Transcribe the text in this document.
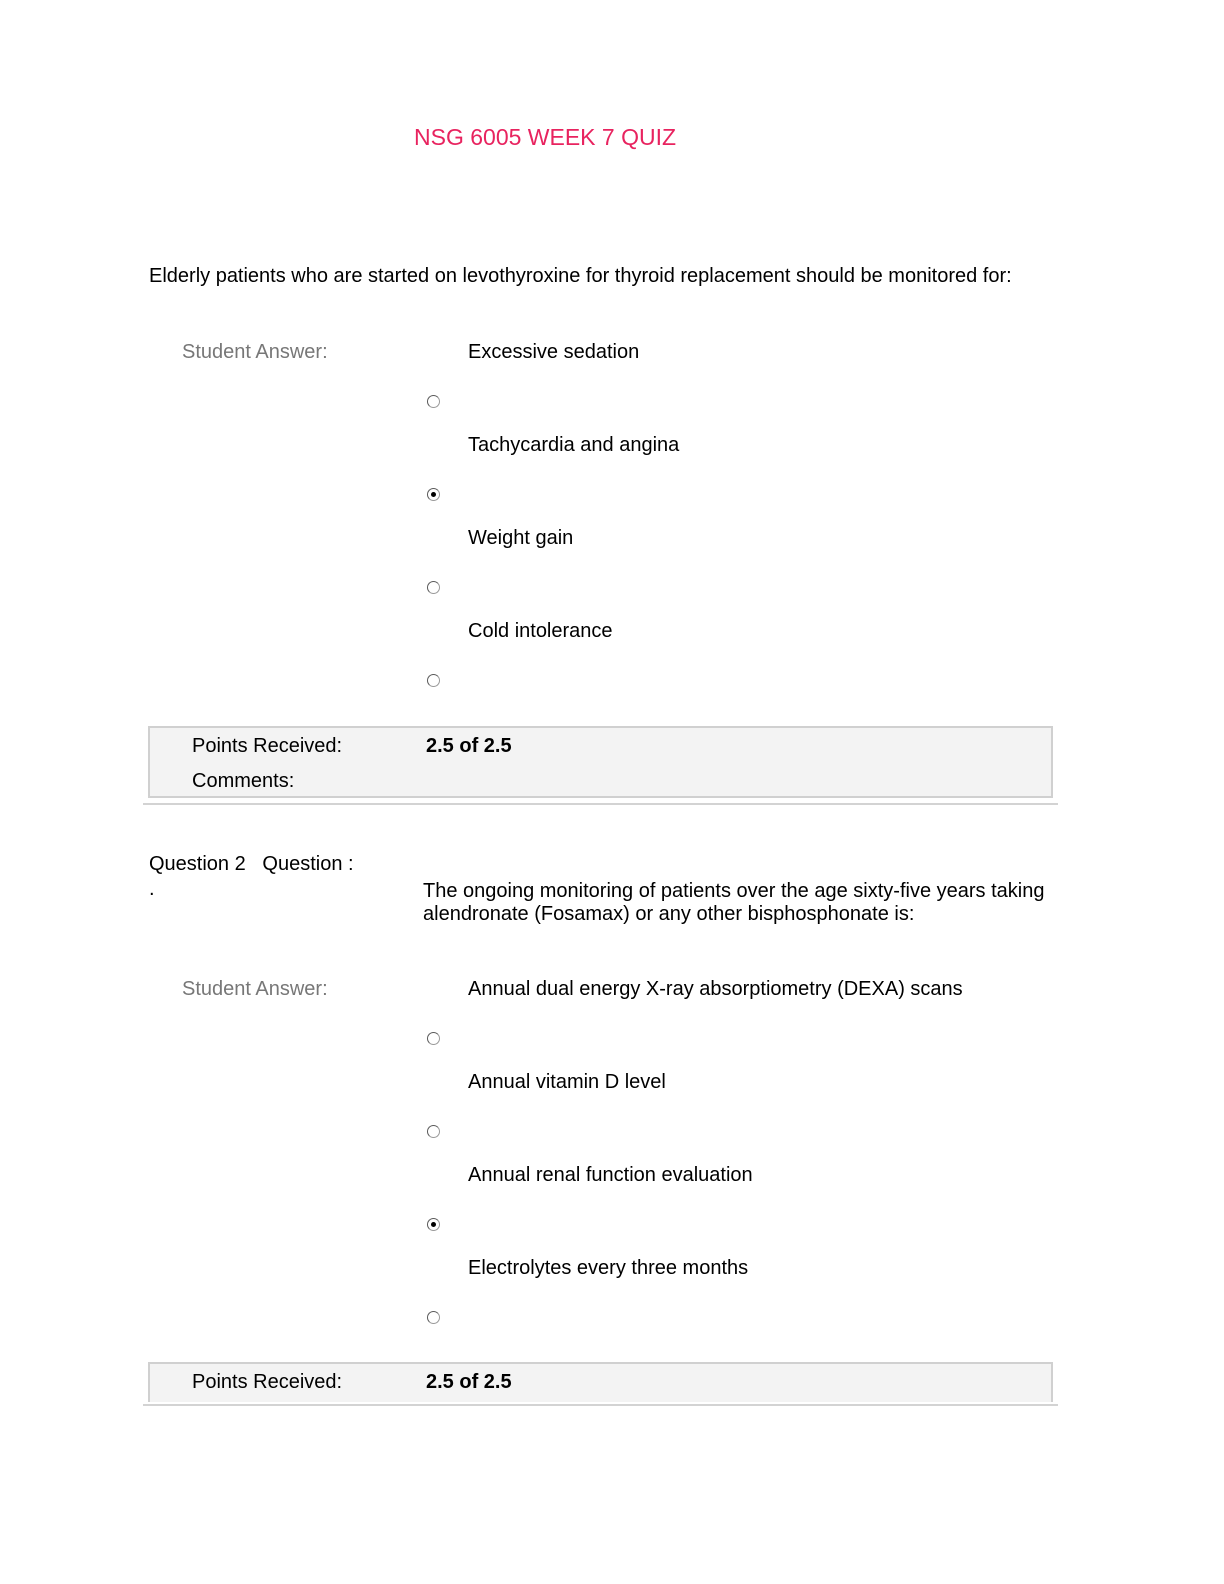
NSG 6005 WEEK 7 QUIZ
Elderly patients who are started on levothyroxine for thyroid replacement should be monitored for:
Student Answer:	Excessive sedation
Tachycardia and angina
Weight gain
Cold intolerance
Points Received:	2.5 of 2.5
Comments:
Question 2   Question :
.	The ongoing monitoring of patients over the age sixty-five years taking alendronate (Fosamax) or any other bisphosphonate is:
Student Answer:	Annual dual energy X-ray absorptiometry (DEXA) scans
Annual vitamin D level
Annual renal function evaluation
Electrolytes every three months
Points Received:	2.5 of 2.5
